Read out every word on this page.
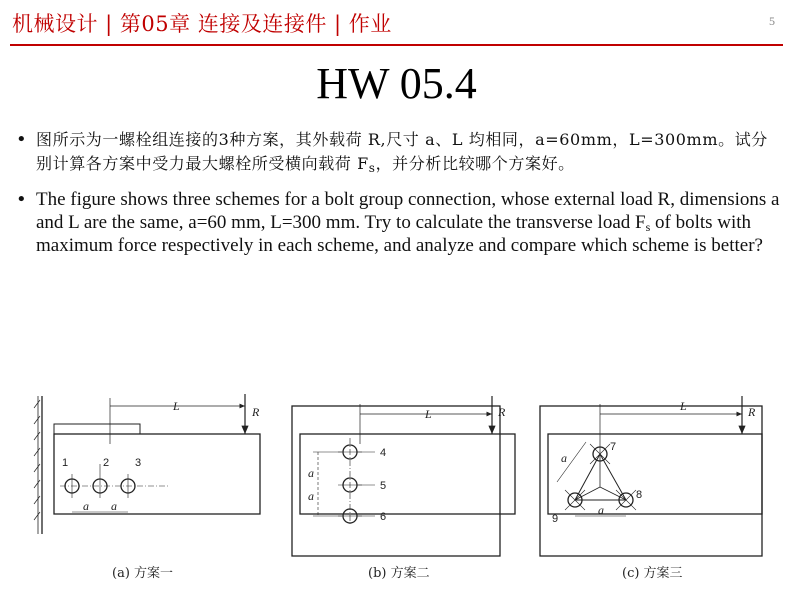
机械设计 | 第05章 连接及连接件 | 作业	5
HW 05.4
• 图所示为一螺栓组连接的3种方案，其外载荷 R,尺寸 a、L 均相同，a=60mm，L=300mm。试分别计算各方案中受力最大螺栓所受横向载荷 $F_s$，并分析比较哪个方案好。
• The figure shows three schemes for a bolt group connection, whose external load R, dimensions a and L are the same, a=60 mm, L=300 mm. Try to calculate the transverse load $F_s$ of bolts with maximum force respectively in each scheme, and analyze and compare which scheme is better?
L	R
a a
1	2 3
L	R
a
a
4
5
6
L	R
a
a
7
8
9
(a) 方案一	(b) 方案二	(c) 方案三
